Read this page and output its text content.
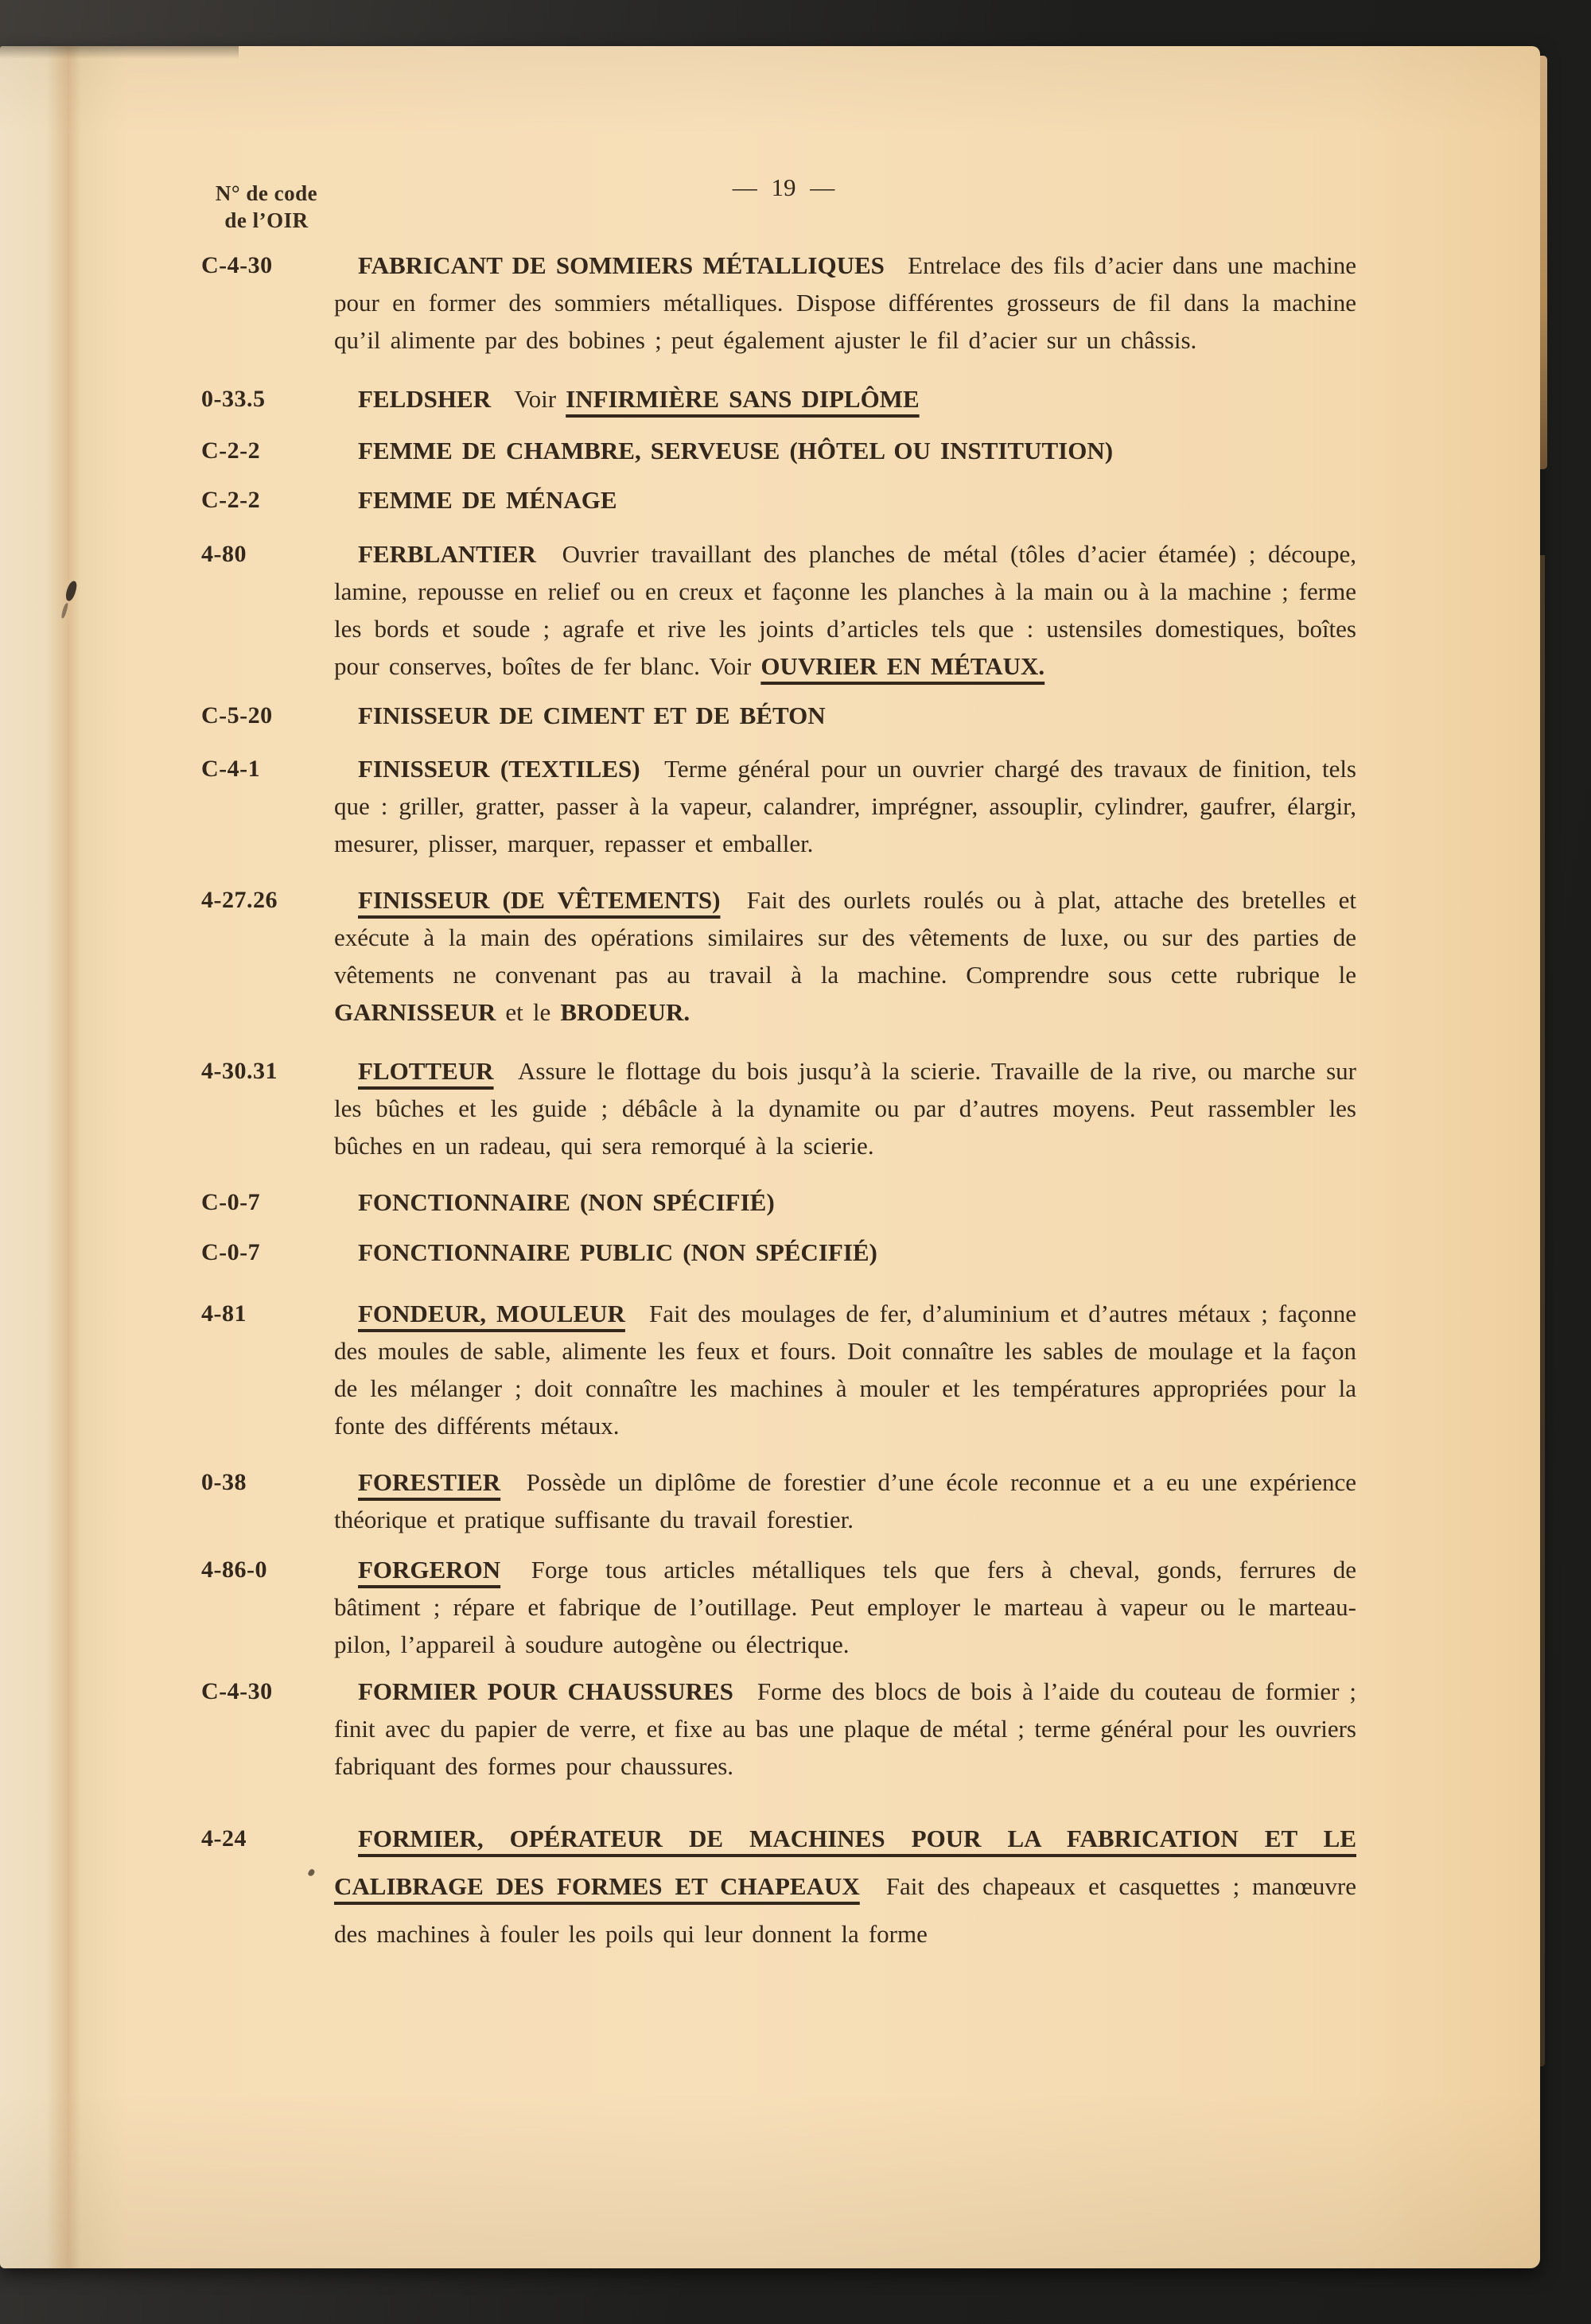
N° de code
de l’OIR
— 19 —
C-4-30	FABRICANT DE SOMMIERS MÉTALLIQUES Entrelace des fils d’acier dans une machine pour en former des sommiers métalliques. Dispose différentes grosseurs de fil dans la machine qu’il alimente par des bobines ; peut également ajuster le fil d’acier sur un châssis.
0-33.5	FELDSHER Voir INFIRMIÈRE SANS DIPLÔME
C-2-2	FEMME DE CHAMBRE, SERVEUSE (HÔTEL OU INSTITUTION)
C-2-2	FEMME DE MÉNAGE
4-80	FERBLANTIER Ouvrier travaillant des planches de métal (tôles d’acier étamée) ; découpe, lamine, repousse en relief ou en creux et façonne les planches à la main ou à la machine ; ferme les bords et soude ; agrafe et rive les joints d’articles tels que : ustensiles domestiques, boîtes pour conserves, boîtes de fer blanc. Voir OUVRIER EN MÉTAUX.
C-5-20	FINISSEUR DE CIMENT ET DE BÉTON
C-4-1	FINISSEUR (TEXTILES) Terme général pour un ouvrier chargé des travaux de finition, tels que : griller, gratter, passer à la vapeur, calandrer, imprégner, assouplir, cylindrer, gaufrer, élargir, mesurer, plisser, marquer, repasser et emballer.
4-27.26	FINISSEUR (DE VÊTEMENTS) Fait des ourlets roulés ou à plat, attache des bretelles et exécute à la main des opérations similaires sur des vêtements de luxe, ou sur des parties de vêtements ne convenant pas au travail à la machine. Comprendre sous cette rubrique le GARNISSEUR et le BRODEUR.
4-30.31	FLOTTEUR Assure le flottage du bois jusqu’à la scierie. Travaille de la rive, ou marche sur les bûches et les guide ; débâcle à la dynamite ou par d’autres moyens. Peut rassembler les bûches en un radeau, qui sera remorqué à la scierie.
C-0-7	FONCTIONNAIRE (NON SPÉCIFIÉ)
C-0-7	FONCTIONNAIRE PUBLIC (NON SPÉCIFIÉ)
4-81	FONDEUR, MOULEUR Fait des moulages de fer, d’aluminium et d’autres métaux ; façonne des moules de sable, alimente les feux et fours. Doit connaître les sables de moulage et la façon de les mélanger ; doit connaître les machines à mouler et les températures appropriées pour la fonte des différents métaux.
0-38	FORESTIER Possède un diplôme de forestier d’une école reconnue et a eu une expérience théorique et pratique suffisante du travail forestier.
4-86-0	FORGERON Forge tous articles métalliques tels que fers à cheval, gonds, ferrures de bâtiment ; répare et fabrique de l’outillage. Peut employer le marteau à vapeur ou le marteau-pilon, l’appareil à soudure autogène ou électrique.
C-4-30	FORMIER POUR CHAUSSURES Forme des blocs de bois à l’aide du couteau de formier ; finit avec du papier de verre, et fixe au bas une plaque de métal ; terme général pour les ouvriers fabriquant des formes pour chaussures.
4-24	FORMIER, OPÉRATEUR DE MACHINES POUR LA FABRICATION ET LE CALIBRAGE DES FORMES ET CHAPEAUX Fait des chapeaux et casquettes ; manœuvre des machines à fouler les poils qui leur donnent la forme
